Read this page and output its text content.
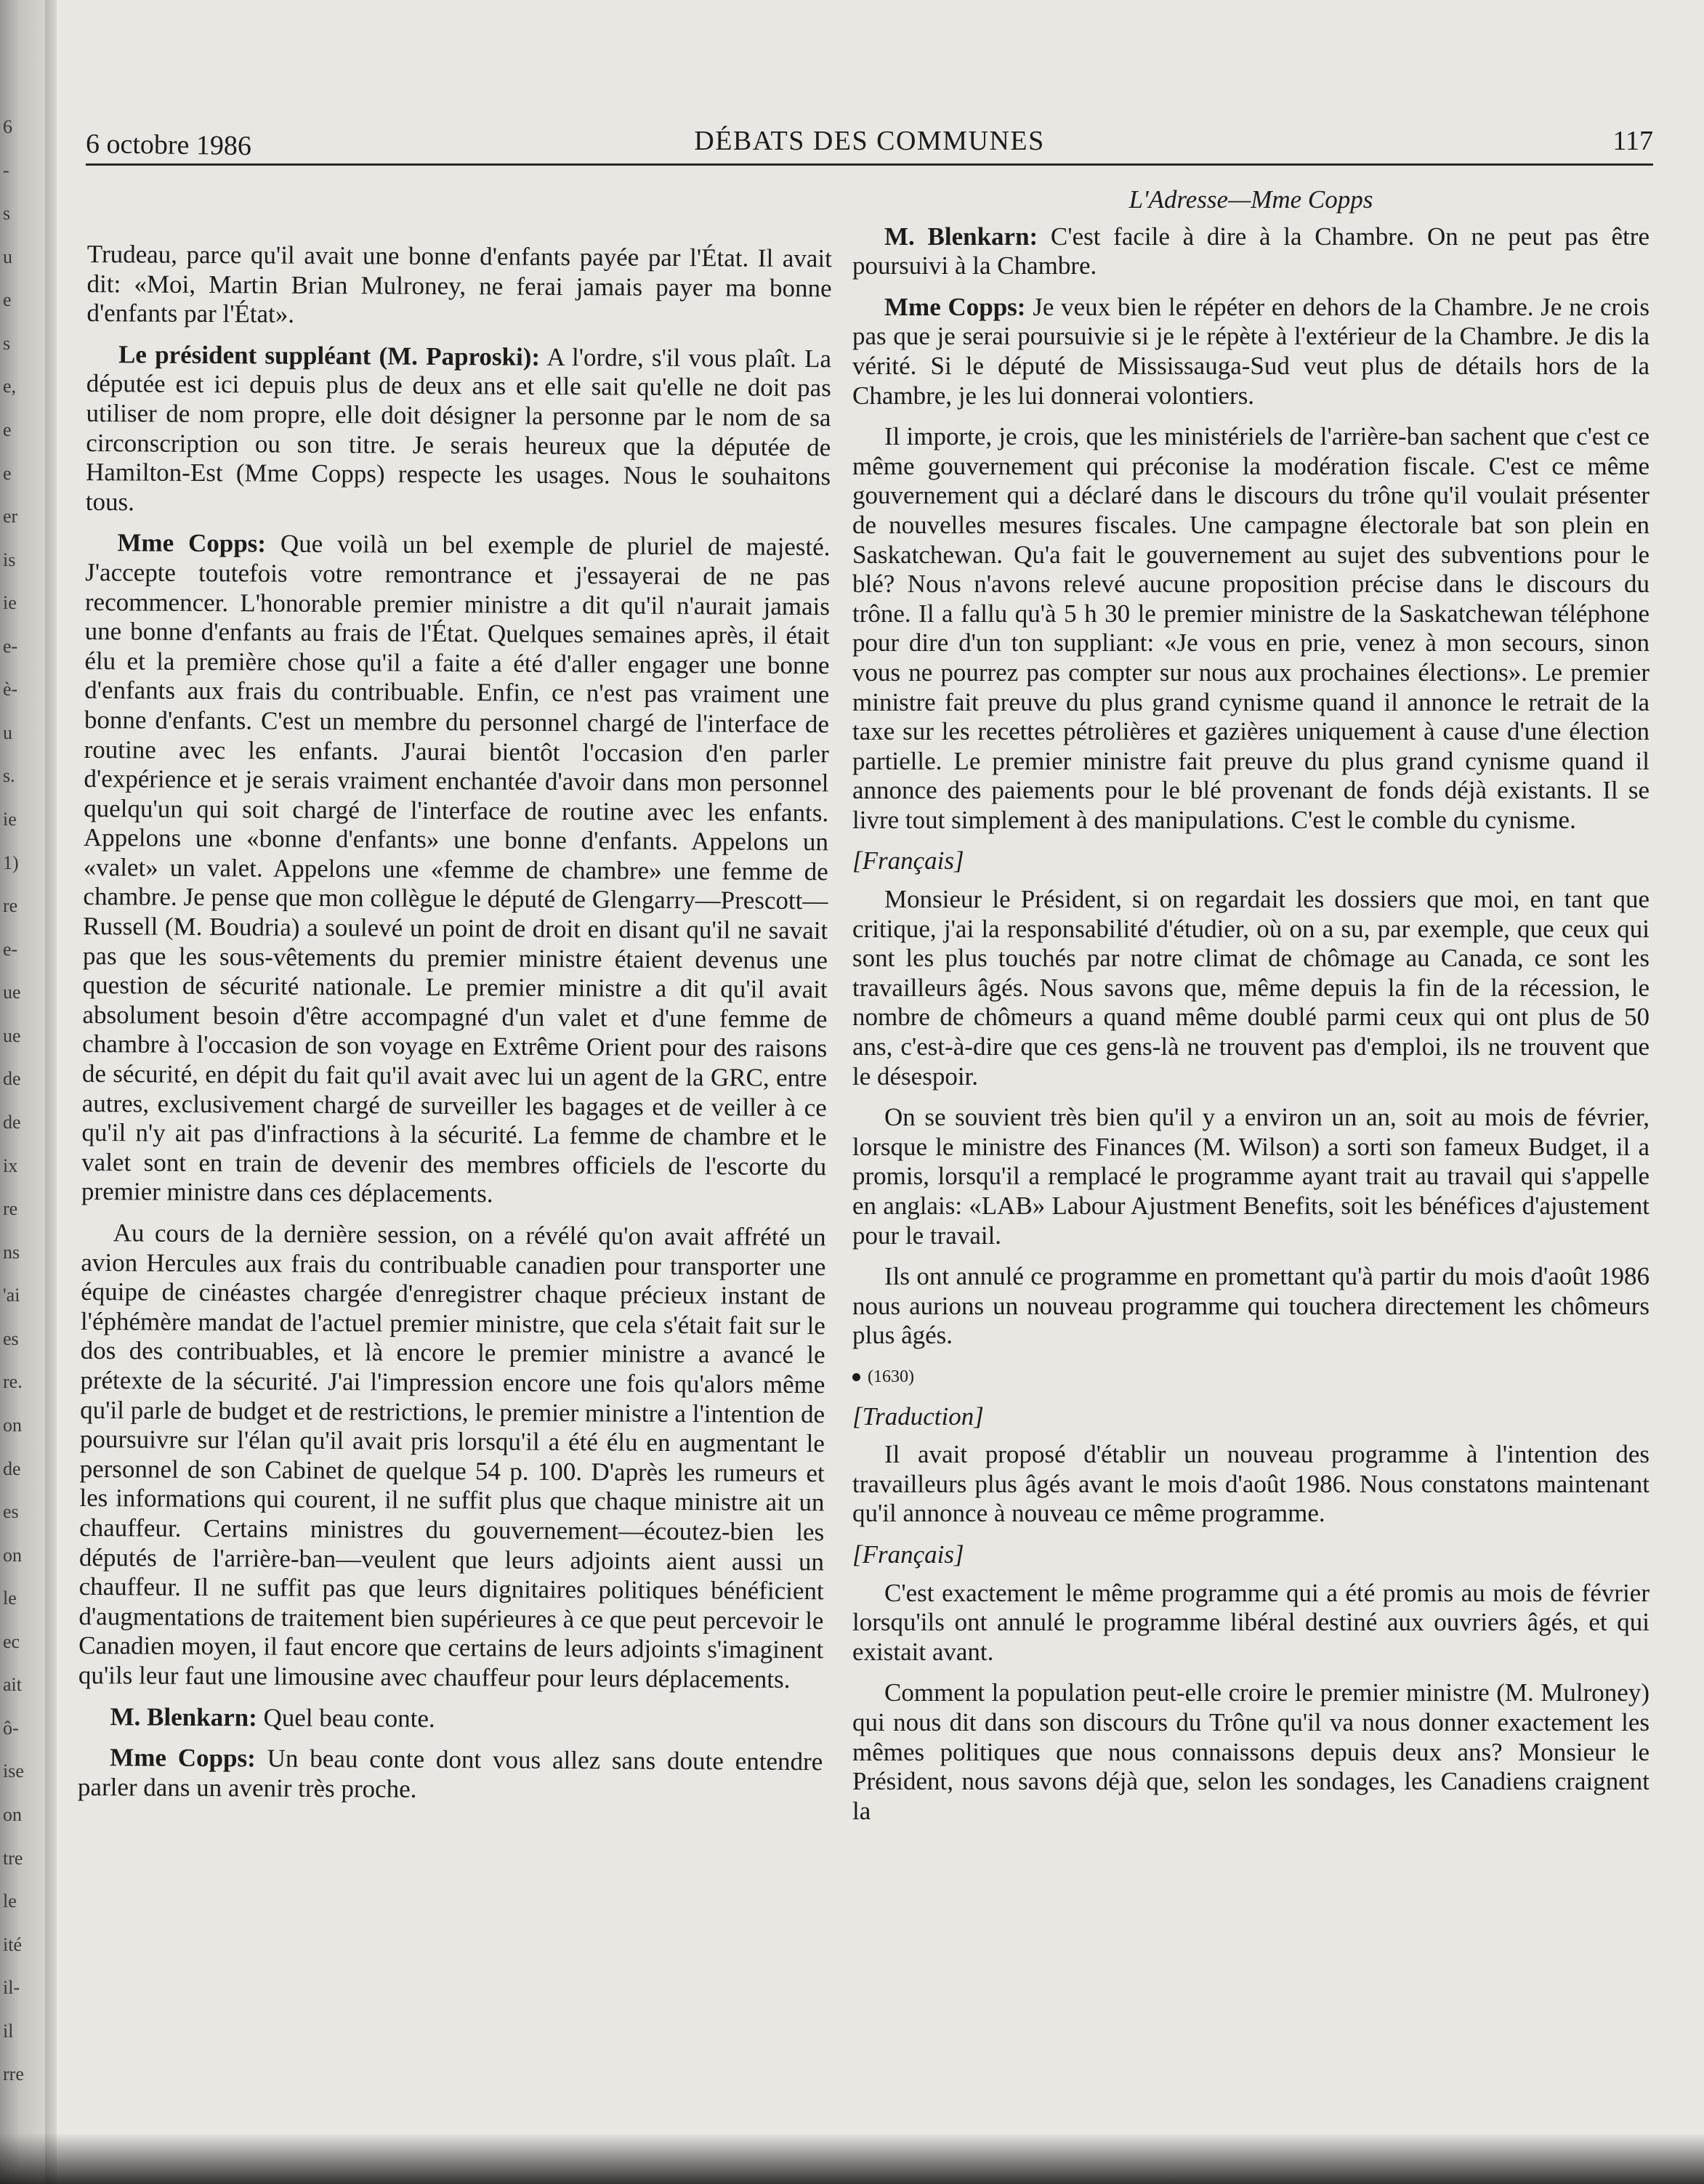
6
-
s
u
e
s
e,
e
e
er
is
ie
e-
è-
u
s.
ie
1)
re
e-
ue
ue
de
de
ix
re
ns
'ai
es
re.
on
de
es
on
le
ec
ait
ô-
ise
on
tre
le
ité
il-
il
rre
6 octobre 1986	DÉBATS DES COMMUNES	117

Trudeau, parce qu'il avait une bonne d'enfants payée par l'État. Il avait dit: «Moi, Martin Brian Mulroney, ne ferai jamais payer ma bonne d'enfants par l'État».

Le président suppléant (M. Paproski): A l'ordre, s'il vous plaît. La députée est ici depuis plus de deux ans et elle sait qu'elle ne doit pas utiliser de nom propre, elle doit désigner la personne par le nom de sa circonscription ou son titre. Je serais heureux que la députée de Hamilton-Est (Mme Copps) respecte les usages. Nous le souhaitons tous.

Mme Copps: Que voilà un bel exemple de pluriel de majesté. J'accepte toutefois votre remontrance et j'essayerai de ne pas recommencer. L'honorable premier ministre a dit qu'il n'aurait jamais une bonne d'enfants au frais de l'État. Quelques semaines après, il était élu et la première chose qu'il a faite a été d'aller engager une bonne d'enfants aux frais du contribuable. Enfin, ce n'est pas vraiment une bonne d'enfants. C'est un membre du personnel chargé de l'interface de routine avec les enfants. J'aurai bientôt l'occasion d'en parler d'expérience et je serais vraiment enchantée d'avoir dans mon personnel quelqu'un qui soit chargé de l'interface de routine avec les enfants. Appelons une «bonne d'enfants» une bonne d'enfants. Appelons un «valet» un valet. Appelons une «femme de chambre» une femme de chambre. Je pense que mon collègue le député de Glengarry—Prescott—Russell (M. Boudria) a soulevé un point de droit en disant qu'il ne savait pas que les sous-vêtements du premier ministre étaient devenus une question de sécurité nationale. Le premier ministre a dit qu'il avait absolument besoin d'être accompagné d'un valet et d'une femme de chambre à l'occasion de son voyage en Extrême Orient pour des raisons de sécurité, en dépit du fait qu'il avait avec lui un agent de la GRC, entre autres, exclusivement chargé de surveiller les bagages et de veiller à ce qu'il n'y ait pas d'infractions à la sécurité. La femme de chambre et le valet sont en train de devenir des membres officiels de l'escorte du premier ministre dans ces déplacements.

Au cours de la dernière session, on a révélé qu'on avait affrété un avion Hercules aux frais du contribuable canadien pour transporter une équipe de cinéastes chargée d'enregistrer chaque précieux instant de l'éphémère mandat de l'actuel premier ministre, que cela s'était fait sur le dos des contribuables, et là encore le premier ministre a avancé le prétexte de la sécurité. J'ai l'impression encore une fois qu'alors même qu'il parle de budget et de restrictions, le premier ministre a l'intention de poursuivre sur l'élan qu'il avait pris lorsqu'il a été élu en augmentant le personnel de son Cabinet de quelque 54 p. 100. D'après les rumeurs et les informations qui courent, il ne suffit plus que chaque ministre ait un chauffeur. Certains ministres du gouvernement—écoutez-bien les députés de l'arrière-ban—veulent que leurs adjoints aient aussi un chauffeur. Il ne suffit pas que leurs dignitaires politiques bénéficient d'augmentations de traitement bien supérieures à ce que peut percevoir le Canadien moyen, il faut encore que certains de leurs adjoints s'imaginent qu'ils leur faut une limousine avec chauffeur pour leurs déplacements.

M. Blenkarn: Quel beau conte.

Mme Copps: Un beau conte dont vous allez sans doute entendre parler dans un avenir très proche.

L'Adresse—Mme Copps

M. Blenkarn: C'est facile à dire à la Chambre. On ne peut pas être poursuivi à la Chambre.

Mme Copps: Je veux bien le répéter en dehors de la Chambre. Je ne crois pas que je serai poursuivie si je le répète à l'extérieur de la Chambre. Je dis la vérité. Si le député de Mississauga-Sud veut plus de détails hors de la Chambre, je les lui donnerai volontiers.

Il importe, je crois, que les ministériels de l'arrière-ban sachent que c'est ce même gouvernement qui préconise la modération fiscale. C'est ce même gouvernement qui a déclaré dans le discours du trône qu'il voulait présenter de nouvelles mesures fiscales. Une campagne électorale bat son plein en Saskatchewan. Qu'a fait le gouvernement au sujet des subventions pour le blé? Nous n'avons relevé aucune proposition précise dans le discours du trône. Il a fallu qu'à 5 h 30 le premier ministre de la Saskatchewan téléphone pour dire d'un ton suppliant: «Je vous en prie, venez à mon secours, sinon vous ne pourrez pas compter sur nous aux prochaines élections». Le premier ministre fait preuve du plus grand cynisme quand il annonce le retrait de la taxe sur les recettes pétrolières et gazières uniquement à cause d'une élection partielle. Le premier ministre fait preuve du plus grand cynisme quand il annonce des paiements pour le blé provenant de fonds déjà existants. Il se livre tout simplement à des manipulations. C'est le comble du cynisme.

[Français]

Monsieur le Président, si on regardait les dossiers que moi, en tant que critique, j'ai la responsabilité d'étudier, où on a su, par exemple, que ceux qui sont les plus touchés par notre climat de chômage au Canada, ce sont les travailleurs âgés. Nous savons que, même depuis la fin de la récession, le nombre de chômeurs a quand même doublé parmi ceux qui ont plus de 50 ans, c'est-à-dire que ces gens-là ne trouvent pas d'emploi, ils ne trouvent que le désespoir.

On se souvient très bien qu'il y a environ un an, soit au mois de février, lorsque le ministre des Finances (M. Wilson) a sorti son fameux Budget, il a promis, lorsqu'il a remplacé le programme ayant trait au travail qui s'appelle en anglais: «LAB» Labour Ajustment Benefits, soit les bénéfices d'ajustement pour le travail.

Ils ont annulé ce programme en promettant qu'à partir du mois d'août 1986 nous aurions un nouveau programme qui touchera directement les chômeurs plus âgés.

(1630)

[Traduction]

Il avait proposé d'établir un nouveau programme à l'intention des travailleurs plus âgés avant le mois d'août 1986. Nous constatons maintenant qu'il annonce à nouveau ce même programme.

[Français]

C'est exactement le même programme qui a été promis au mois de février lorsqu'ils ont annulé le programme libéral destiné aux ouvriers âgés, et qui existait avant.

Comment la population peut-elle croire le premier ministre (M. Mulroney) qui nous dit dans son discours du Trône qu'il va nous donner exactement les mêmes politiques que nous connaissons depuis deux ans? Monsieur le Président, nous savons déjà que, selon les sondages, les Canadiens craignent la
